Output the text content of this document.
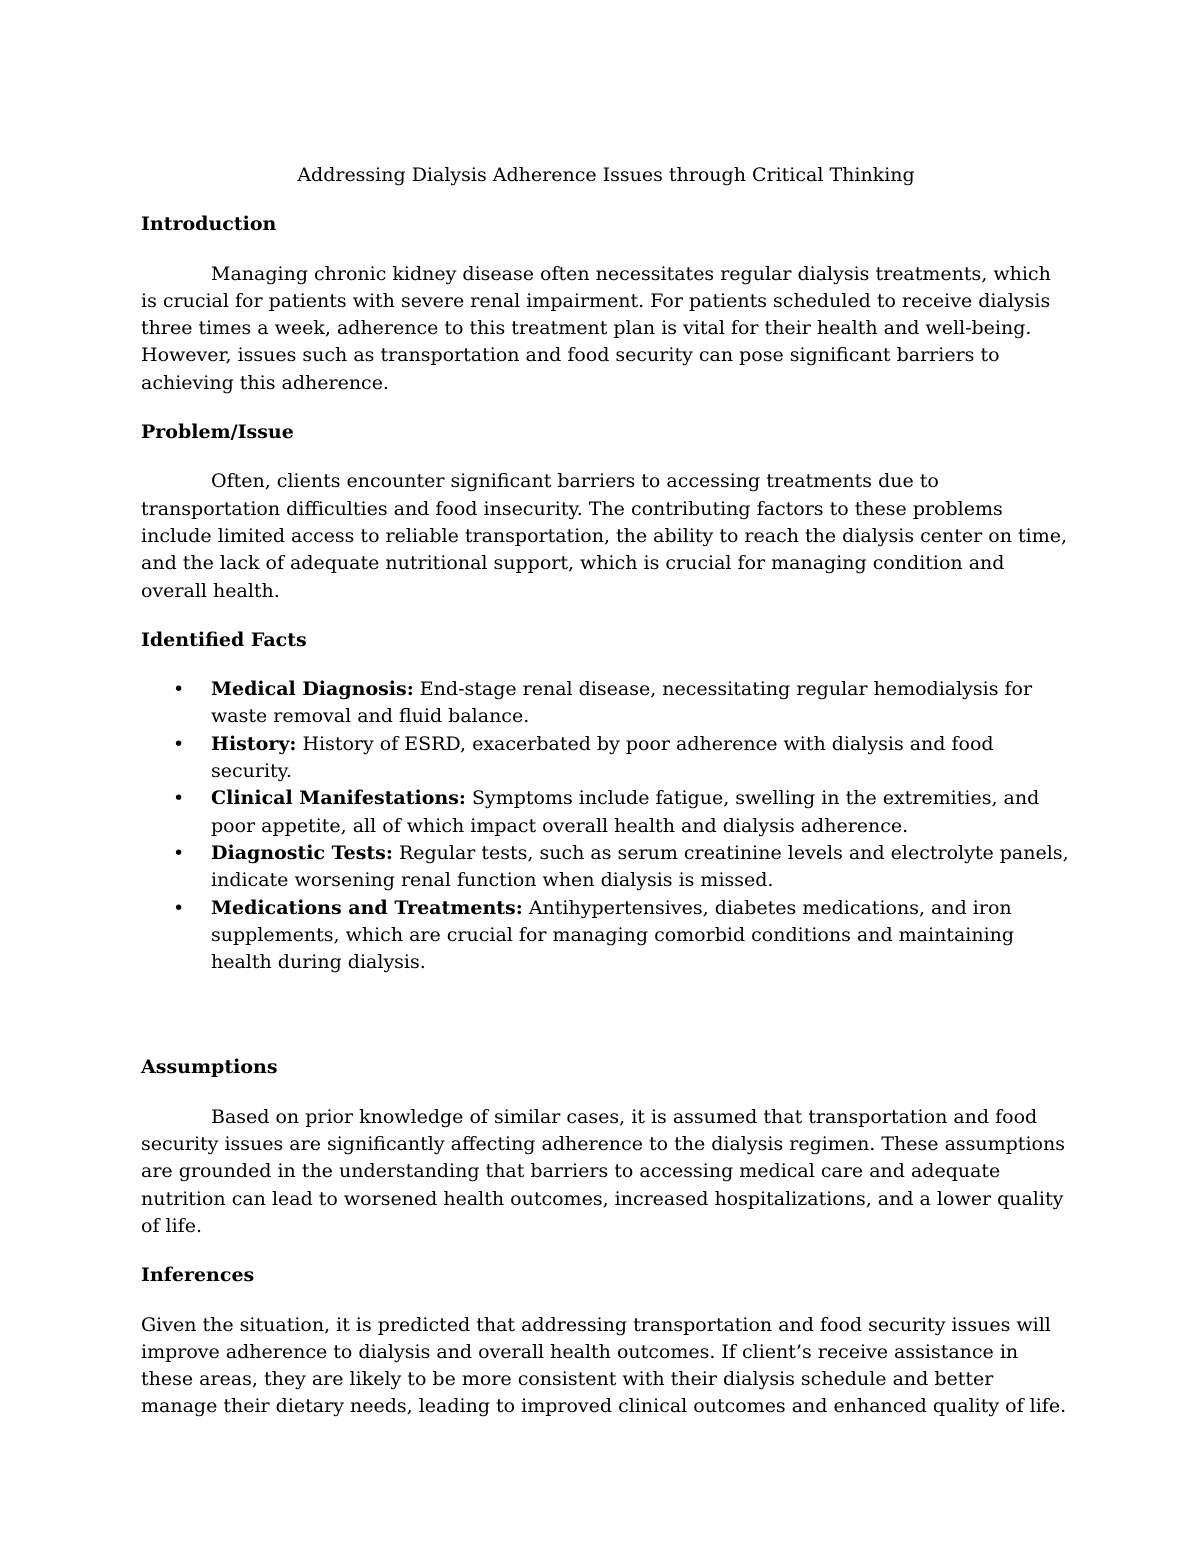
Addressing Dialysis Adherence Issues through Critical Thinking
Introduction
Managing chronic kidney disease often necessitates regular dialysis treatments, which is crucial for patients with severe renal impairment. For patients scheduled to receive dialysis three times a week, adherence to this treatment plan is vital for their health and well-being. However, issues such as transportation and food security can pose significant barriers to achieving this adherence.
Problem/Issue
Often, clients encounter significant barriers to accessing treatments due to transportation difficulties and food insecurity. The contributing factors to these problems include limited access to reliable transportation, the ability to reach the dialysis center on time, and the lack of adequate nutritional support, which is crucial for managing condition and overall health.
Identified Facts
• Medical Diagnosis: End-stage renal disease, necessitating regular hemodialysis for waste removal and fluid balance.
• History: History of ESRD, exacerbated by poor adherence with dialysis and food security.
• Clinical Manifestations: Symptoms include fatigue, swelling in the extremities, and poor appetite, all of which impact overall health and dialysis adherence.
• Diagnostic Tests: Regular tests, such as serum creatinine levels and electrolyte panels, indicate worsening renal function when dialysis is missed.
• Medications and Treatments: Antihypertensives, diabetes medications, and iron supplements, which are crucial for managing comorbid conditions and maintaining health during dialysis.
Assumptions
Based on prior knowledge of similar cases, it is assumed that transportation and food security issues are significantly affecting adherence to the dialysis regimen. These assumptions are grounded in the understanding that barriers to accessing medical care and adequate nutrition can lead to worsened health outcomes, increased hospitalizations, and a lower quality of life.
Inferences
Given the situation, it is predicted that addressing transportation and food security issues will improve adherence to dialysis and overall health outcomes. If client’s receive assistance in these areas, they are likely to be more consistent with their dialysis schedule and better manage their dietary needs, leading to improved clinical outcomes and enhanced quality of life.
